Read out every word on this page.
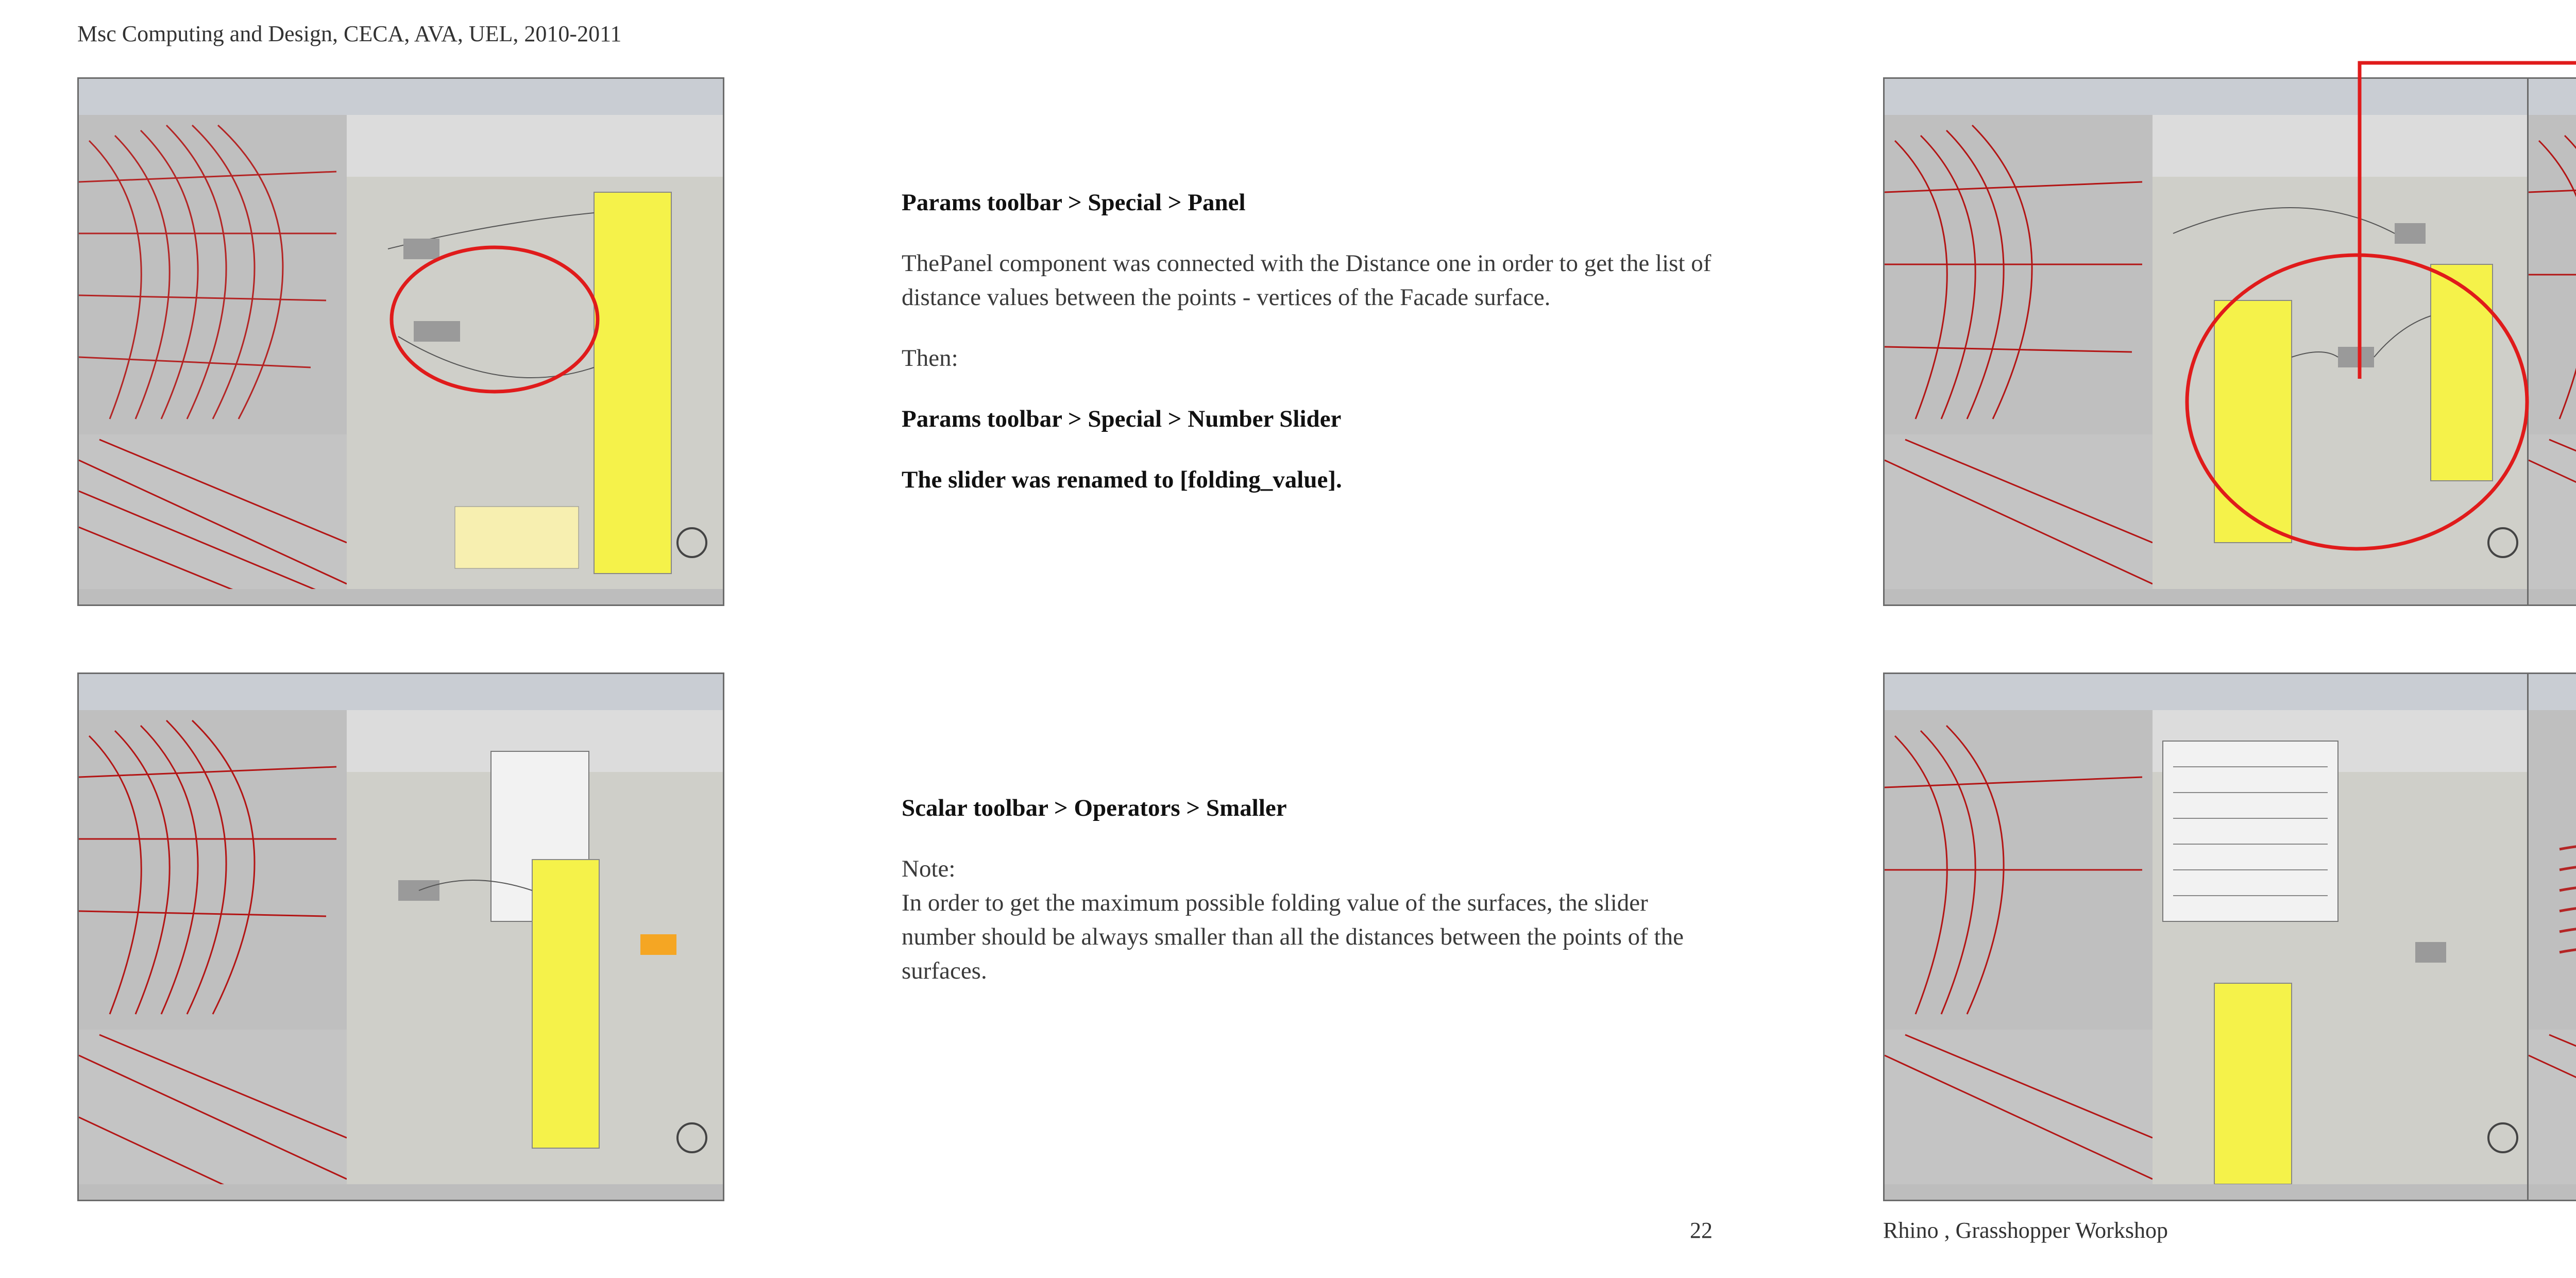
Msc Computing and Design, CECA, AVA, UEL, 2010-2011

Params toolbar > Special > Panel

ThePanel component was connected with the Distance one in order to get the list of distance values between the points - vertices of the Facade surface.

Then:

Params toolbar > Special > Number Slider

The slider was renamed to [folding_value].

Scalar toolbar > Operators > Smaller

Note:

In order to get the maximum possible folding value of the surfaces, the slider number should be always smaller than all the distances between the points of the surfaces.

22	Rhino , Grasshopper Workshop
